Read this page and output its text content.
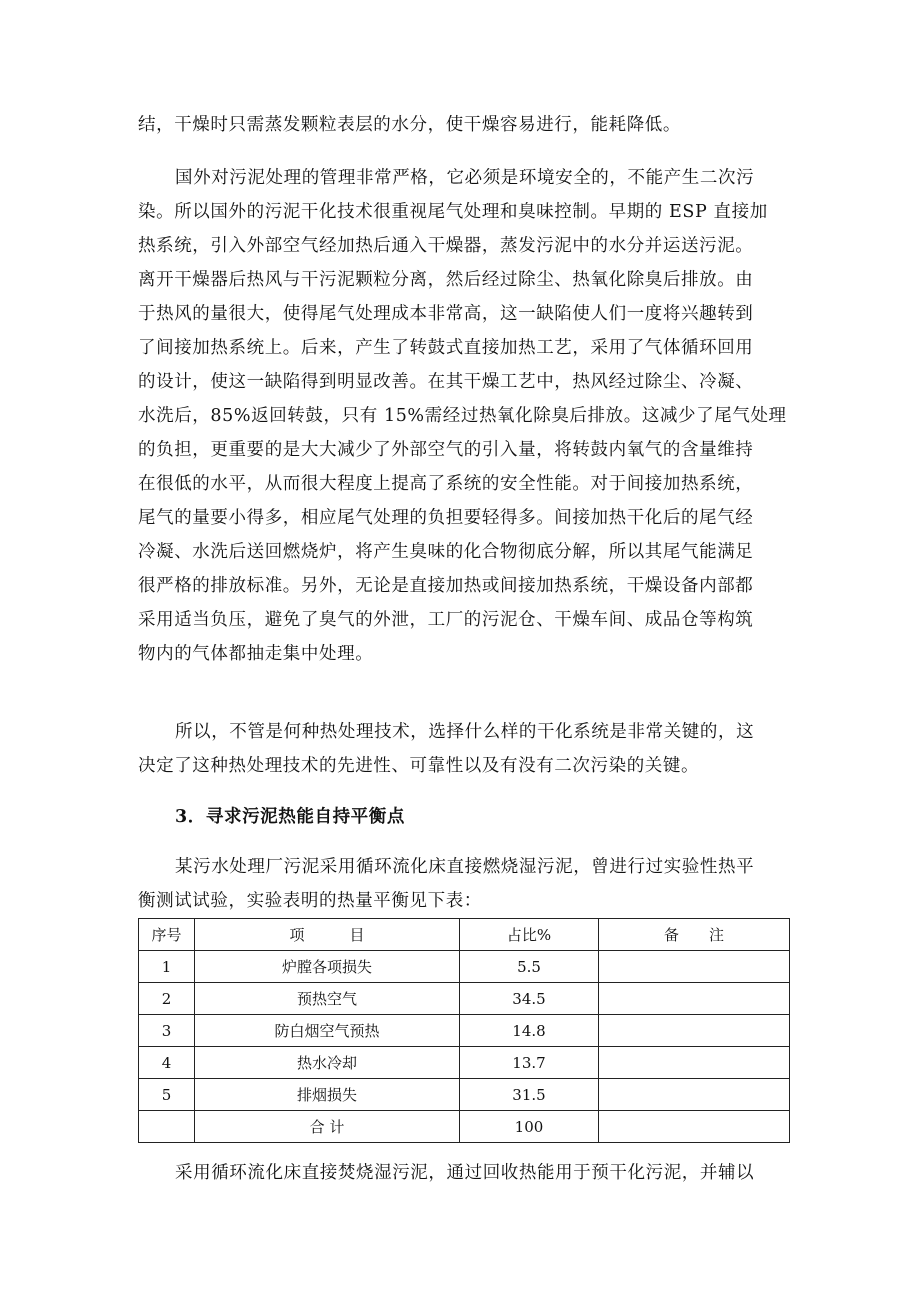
结，干燥时只需蒸发颗粒表层的水分，使干燥容易进行，能耗降低。

国外对污泥处理的管理非常严格，它必须是环境安全的，不能产生二次污

染。所以国外的污泥干化技术很重视尾气处理和臭味控制。早期的 ESP 直接加

热系统，引入外部空气经加热后通入干燥器，蒸发污泥中的水分并运送污泥。

离开干燥器后热风与干污泥颗粒分离，然后经过除尘、热氧化除臭后排放。由

于热风的量很大，使得尾气处理成本非常高，这一缺陷使人们一度将兴趣转到

了间接加热系统上。后来，产生了转鼓式直接加热工艺，采用了气体循环回用

的设计，使这一缺陷得到明显改善。在其干燥工艺中，热风经过除尘、冷凝、

水洗后，85%返回转鼓，只有 15%需经过热氧化除臭后排放。这减少了尾气处理

的负担，更重要的是大大减少了外部空气的引入量，将转鼓内氧气的含量维持

在很低的水平，从而很大程度上提高了系统的安全性能。对于间接加热系统，

尾气的量要小得多，相应尾气处理的负担要轻得多。间接加热干化后的尾气经

冷凝、水洗后送回燃烧炉，将产生臭味的化合物彻底分解，所以其尾气能满足

很严格的排放标准。另外，无论是直接加热或间接加热系统，干燥设备内部都

采用适当负压，避免了臭气的外泄，工厂的污泥仓、干燥车间、成品仓等构筑

物内的气体都抽走集中处理。

所以，不管是何种热处理技术，选择什么样的干化系统是非常关键的，这

决定了这种热处理技术的先进性、可靠性以及有没有二次污染的关键。

3．寻求污泥热能自持平衡点

某污水处理厂污泥采用循环流化床直接燃烧湿污泥，曾进行过实验性热平

衡测试试验，实验表明的热量平衡见下表：

序号	项　　　目	占比%	备　　注
1	炉膛各项损失	5.5	
2	预热空气	34.5	
3	防白烟空气预热	14.8	
4	热水冷却	13.7	
5	排烟损失	31.5	
	合 计	100	

采用循环流化床直接焚烧湿污泥，通过回收热能用于预干化污泥，并辅以
